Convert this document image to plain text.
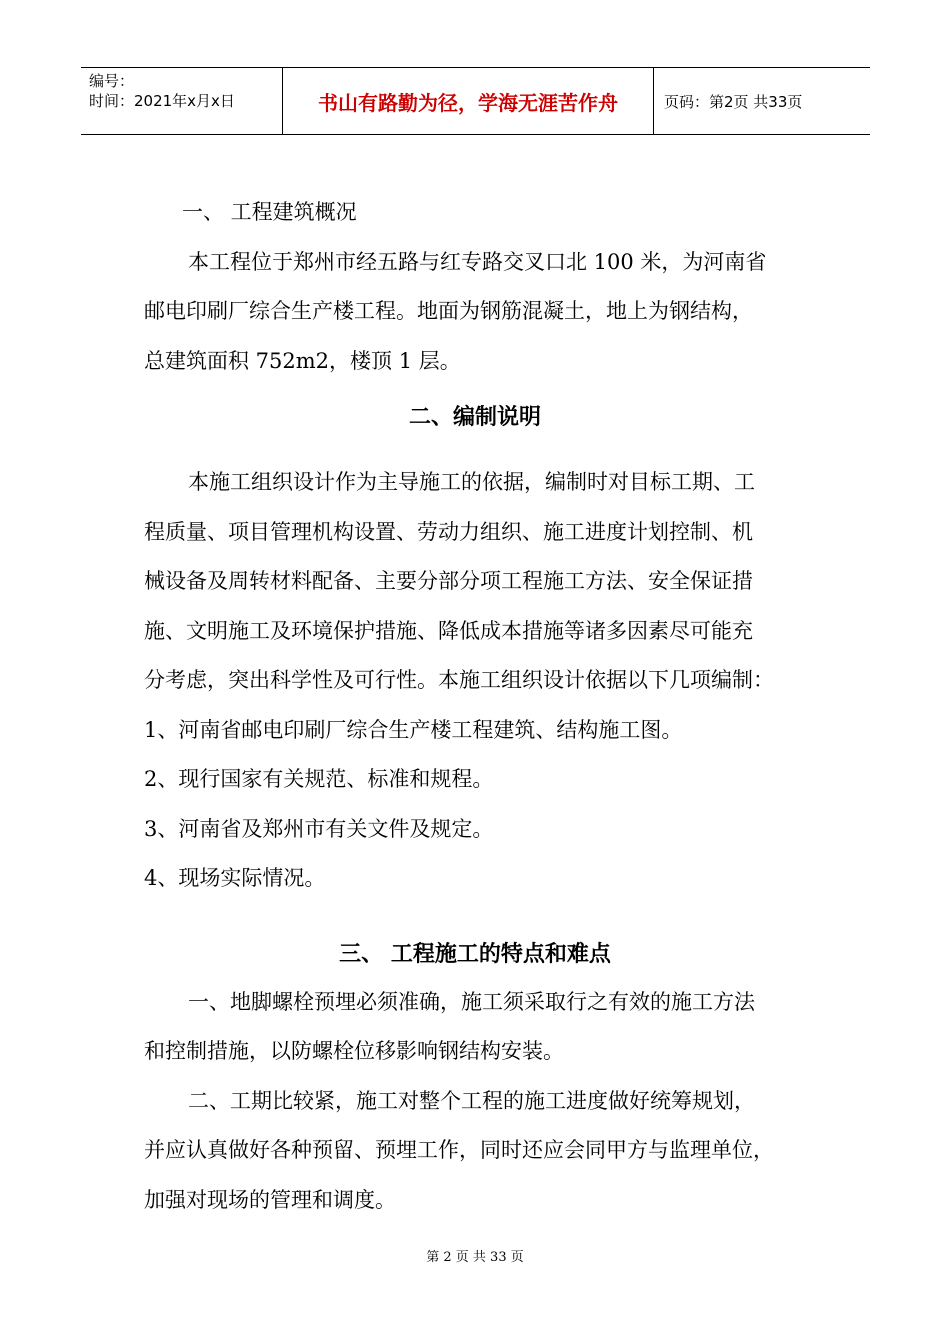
编号：
时间：2021年x月x日	书山有路勤为径，学海无涯苦作舟	页码：第2页 共33页

一、 工程建筑概况

本工程位于郑州市经五路与红专路交叉口北 100 米，为河南省

邮电印刷厂综合生产楼工程。地面为钢筋混凝土，地上为钢结构，

总建筑面积 752m2，楼顶 1 层。

二、编制说明

本施工组织设计作为主导施工的依据，编制时对目标工期、工

程质量、项目管理机构设置、劳动力组织、施工进度计划控制、机

械设备及周转材料配备、主要分部分项工程施工方法、安全保证措

施、文明施工及环境保护措施、降低成本措施等诸多因素尽可能充

分考虑，突出科学性及可行性。本施工组织设计依据以下几项编制：

1、河南省邮电印刷厂综合生产楼工程建筑、结构施工图。

2、现行国家有关规范、标准和规程。

3、河南省及郑州市有关文件及规定。

4、现场实际情况。

三、 工程施工的特点和难点

一、地脚螺栓预埋必须准确，施工须采取行之有效的施工方法

和控制措施，以防螺栓位移影响钢结构安装。

二、工期比较紧，施工对整个工程的施工进度做好统筹规划，

并应认真做好各种预留、预埋工作，同时还应会同甲方与监理单位，

加强对现场的管理和调度。

第 2 页 共 33 页
